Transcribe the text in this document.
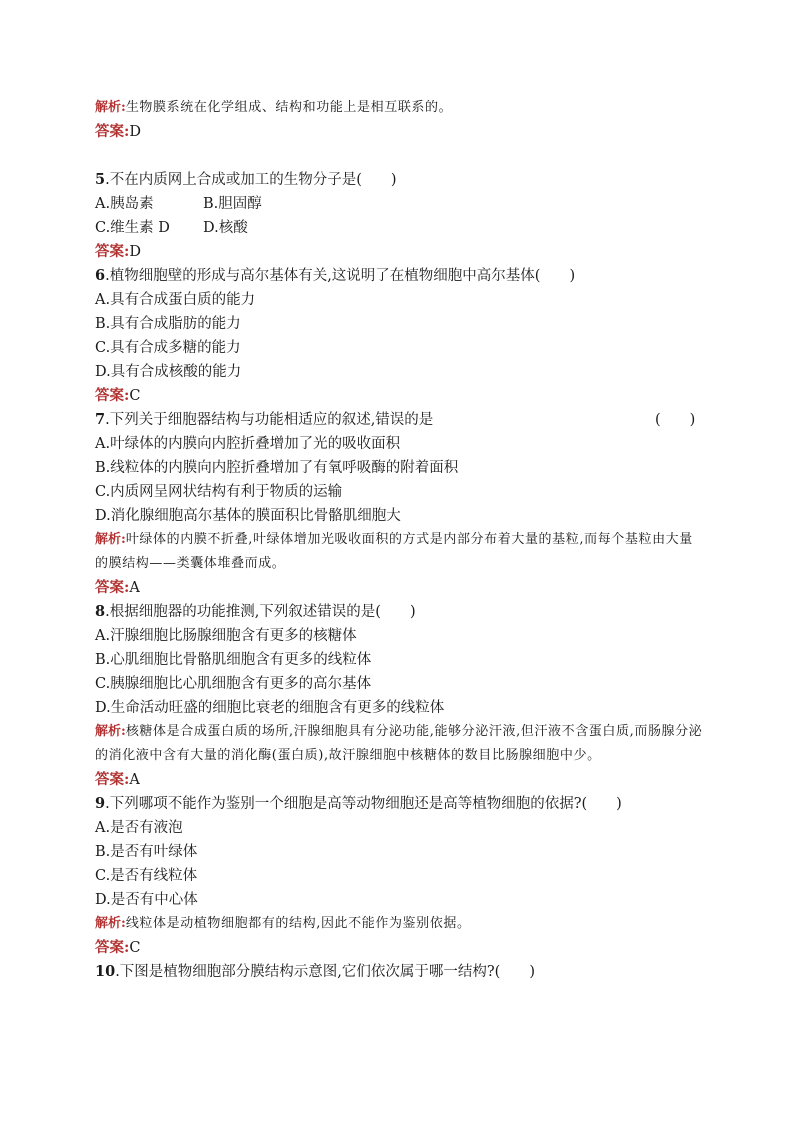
解析:生物膜系统在化学组成、结构和功能上是相互联系的。
答案:D
5.不在内质网上合成或加工的生物分子是(　　)
A.胰岛素	B.胆固醇
C.维生素 D D.核酸
答案:D
6.植物细胞壁的形成与高尔基体有关,这说明了在植物细胞中高尔基体(　　)
A.具有合成蛋白质的能力
B.具有合成脂肪的能力
C.具有合成多糖的能力
D.具有合成核酸的能力
答案:C
7.下列关于细胞器结构与功能相适应的叙述,错误的是	(　　)
A.叶绿体的内膜向内腔折叠增加了光的吸收面积
B.线粒体的内膜向内腔折叠增加了有氧呼吸酶的附着面积
C.内质网呈网状结构有利于物质的运输
D.消化腺细胞高尔基体的膜面积比骨骼肌细胞大
解析:叶绿体的内膜不折叠,叶绿体增加光吸收面积的方式是内部分布着大量的基粒,而每个基粒由大量的膜结构——类囊体堆叠而成。
答案:A
8.根据细胞器的功能推测,下列叙述错误的是(　　)
A.汗腺细胞比肠腺细胞含有更多的核糖体
B.心肌细胞比骨骼肌细胞含有更多的线粒体
C.胰腺细胞比心肌细胞含有更多的高尔基体
D.生命活动旺盛的细胞比衰老的细胞含有更多的线粒体
解析:核糖体是合成蛋白质的场所,汗腺细胞具有分泌功能,能够分泌汗液,但汗液不含蛋白质,而肠腺分泌的消化液中含有大量的消化酶(蛋白质),故汗腺细胞中核糖体的数目比肠腺细胞中少。
答案:A
9.下列哪项不能作为鉴别一个细胞是高等动物细胞还是高等植物细胞的依据?(　　)
A.是否有液泡
B.是否有叶绿体
C.是否有线粒体
D.是否有中心体
解析:线粒体是动植物细胞都有的结构,因此不能作为鉴别依据。
答案:C
10.下图是植物细胞部分膜结构示意图,它们依次属于哪一结构?(　　)
